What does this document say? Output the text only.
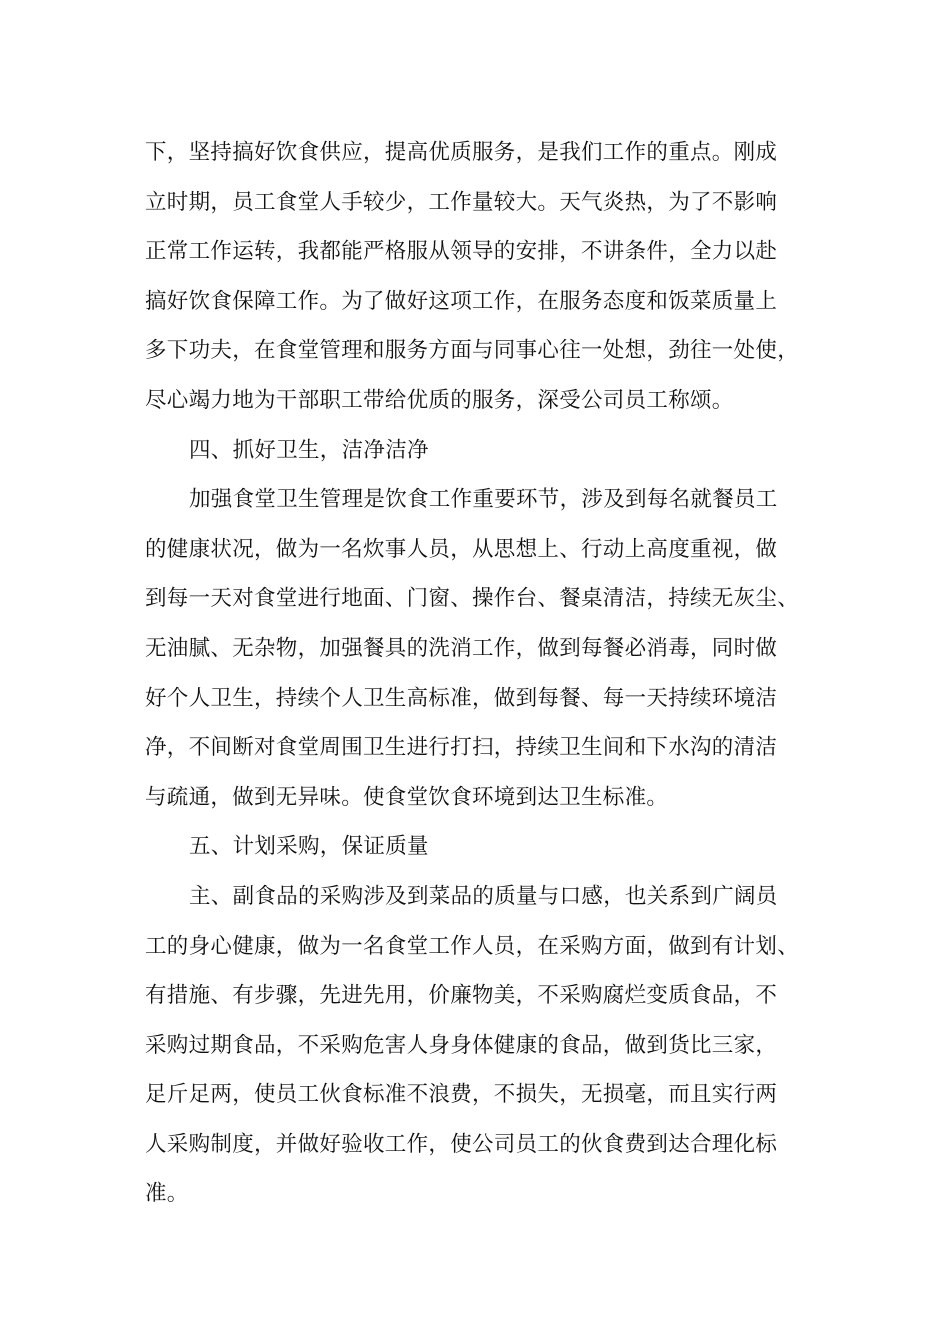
下，坚持搞好饮食供应，提高优质服务，是我们工作的重点。刚成
立时期，员工食堂人手较少，工作量较大。天气炎热，为了不影响
正常工作运转，我都能严格服从领导的安排，不讲条件，全力以赴
搞好饮食保障工作。为了做好这项工作，在服务态度和饭菜质量上
多下功夫，在食堂管理和服务方面与同事心往一处想，劲往一处使，
尽心竭力地为干部职工带给优质的服务，深受公司员工称颂。
四、抓好卫生，洁净洁净
加强食堂卫生管理是饮食工作重要环节，涉及到每名就餐员工
的健康状况，做为一名炊事人员，从思想上、行动上高度重视，做
到每一天对食堂进行地面、门窗、操作台、餐桌清洁，持续无灰尘、
无油腻、无杂物，加强餐具的洗消工作，做到每餐必消毒，同时做
好个人卫生，持续个人卫生高标准，做到每餐、每一天持续环境洁
净，不间断对食堂周围卫生进行打扫，持续卫生间和下水沟的清洁
与疏通，做到无异味。使食堂饮食环境到达卫生标准。
五、计划采购，保证质量
主、副食品的采购涉及到菜品的质量与口感，也关系到广阔员
工的身心健康，做为一名食堂工作人员，在采购方面，做到有计划、
有措施、有步骤，先进先用，价廉物美，不采购腐烂变质食品，不
采购过期食品，不采购危害人身身体健康的食品，做到货比三家，
足斤足两，使员工伙食标准不浪费，不损失，无损毫，而且实行两
人采购制度，并做好验收工作，使公司员工的伙食费到达合理化标
准。
